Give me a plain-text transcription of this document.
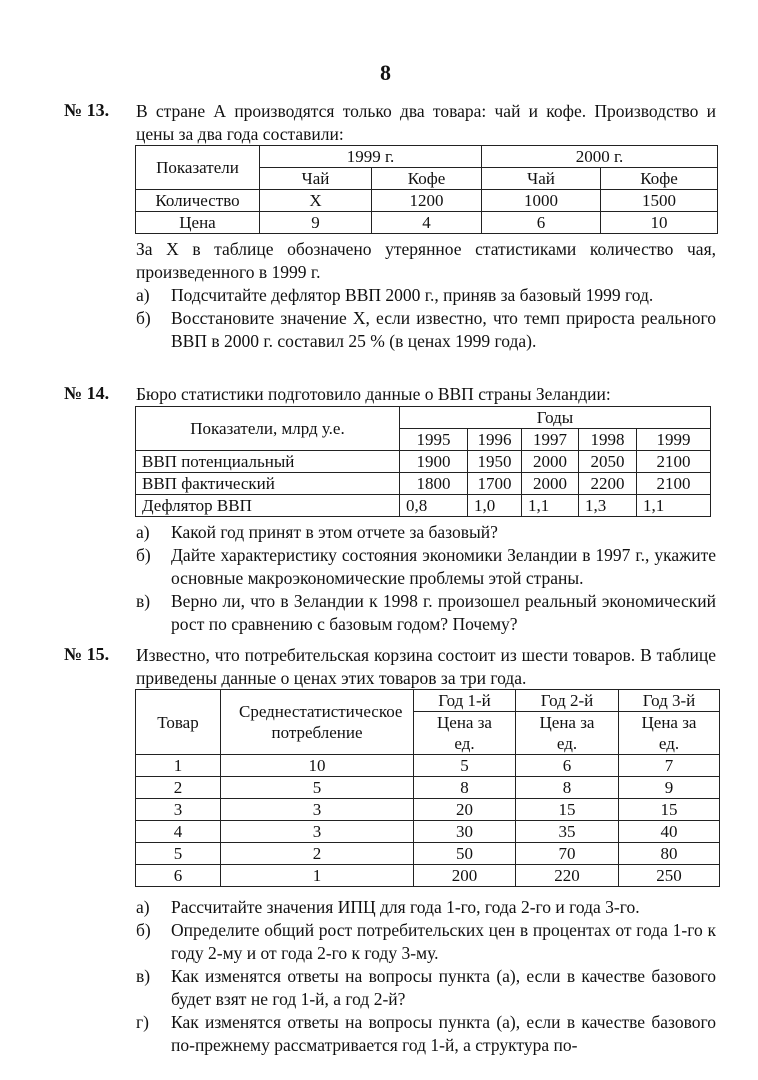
8
№ 13. В стране А производятся только два товара: чай и кофе. Производство и цены за два года составили:
Показатели	1999 г.		2000 г.	
	Чай	Кофе	Чай	Кофе
Количество	X	1200	1000	1500
Цена	9	4	6	10
За X в таблице обозначено утерянное статистиками количество чая, произведенного в 1999 г.
а)	Подсчитайте дефлятор ВВП 2000 г., приняв за базовый 1999 год.
б)	Восстановите значение X, если известно, что темп прироста реального ВВП в 2000 г. составил 25 % (в ценах 1999 года).
№ 14. Бюро статистики подготовило данные о ВВП страны Зеландии:
Показатели, млрд у.е.	Годы				
	1995	1996	1997	1998	1999
ВВП потенциальный	1900	1950	2000	2050	2100
ВВП фактический	1800	1700	2000	2200	2100
Дефлятор ВВП	0,8	1,0	1,1	1,3	1,1
а)	Какой год принят в этом отчете за базовый?
б)	Дайте характеристику состояния экономики Зеландии в 1997 г., укажите основные макроэкономические проблемы этой страны.
в)	Верно ли, что в Зеландии к 1998 г. произошел реальный экономический рост по сравнению с базовым годом? Почему?
№ 15. Известно, что потребительская корзина состоит из шести товаров. В таблице приведены данные о ценах этих товаров за три года.
Товар	Среднестатистическое потребление	Год 1-й	Год 2-й	Год 3-й
		Цена за ед.	Цена за ед.	Цена за ед.
1	10	5	6	7
2	5	8	8	9
3	3	20	15	15
4	3	30	35	40
5	2	50	70	80
6	1	200	220	250
а)	Рассчитайте значения ИПЦ для года 1-го, года 2-го и года 3-го.
б)	Определите общий рост потребительских цен в процентах от года 1-го к году 2-му и от года 2-го к году 3-му.
в)	Как изменятся ответы на вопросы пункта (а), если в качестве базового будет взят не год 1-й, а год 2-й?
г)	Как изменятся ответы на вопросы пункта (а), если в качестве базового по-прежнему рассматривается год 1-й, а структура по-
